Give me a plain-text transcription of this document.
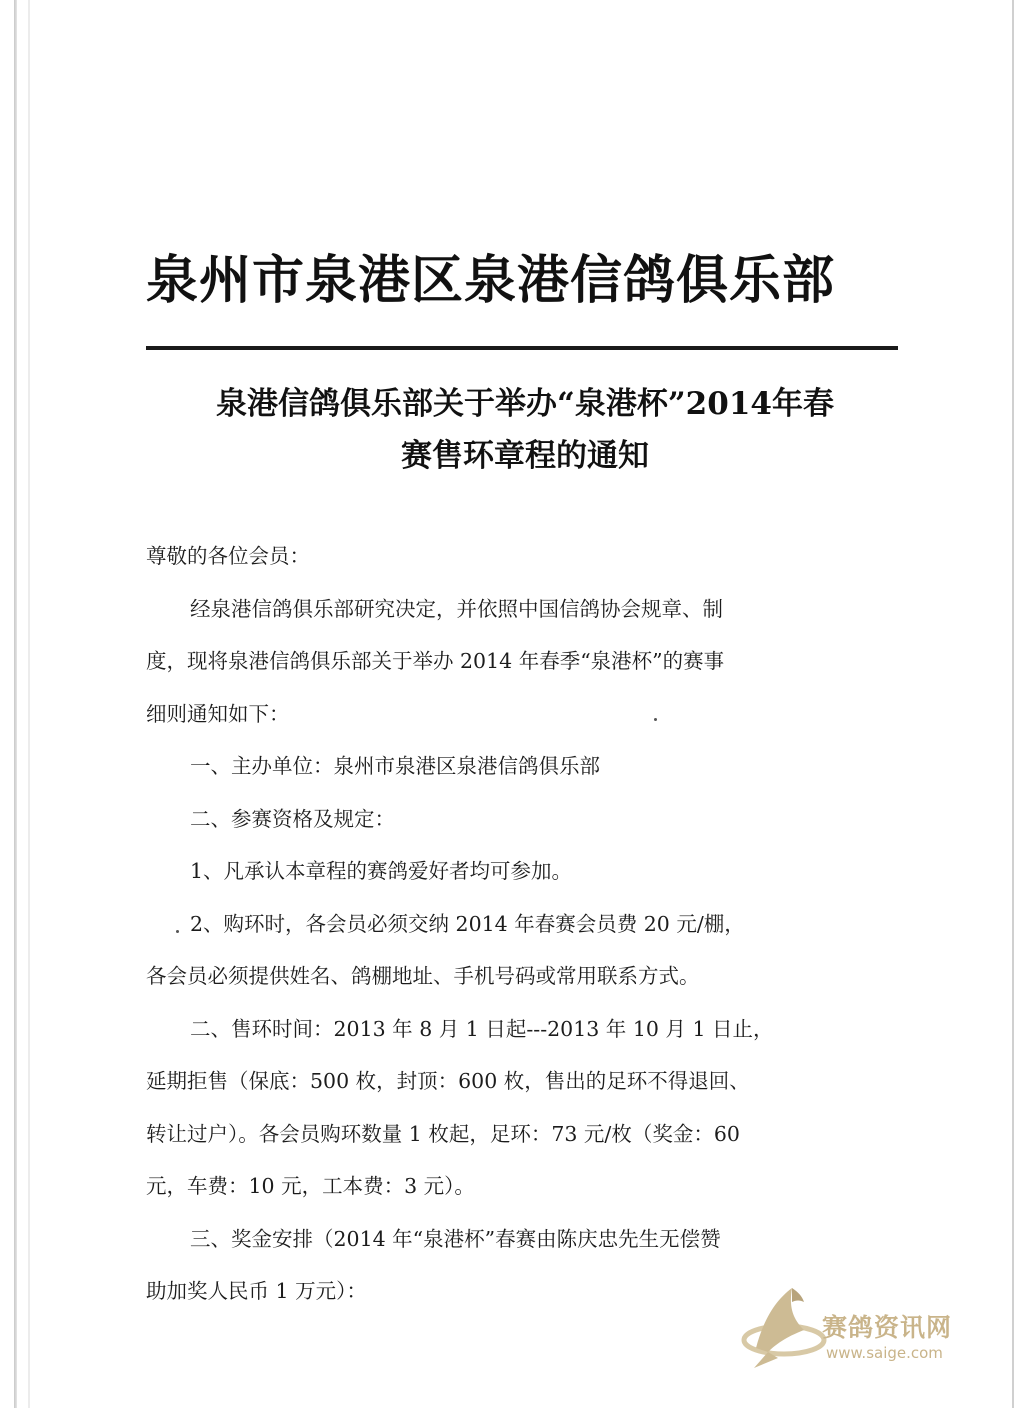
泉州市泉港区泉港信鸽俱乐部
泉港信鸽俱乐部关于举办“泉港杯”2014年春
赛售环章程的通知

尊敬的各位会员：

经泉港信鸽俱乐部研究决定，并依照中国信鸽协会规章、制

度，现将泉港信鸽俱乐部关于举办 2014 年春季“泉港杯”的赛事

细则通知如下：

一、主办单位：泉州市泉港区泉港信鸽俱乐部

二、参赛资格及规定：

1、凡承认本章程的赛鸽爱好者均可参加。

2、购环时，各会员必须交纳 2014 年春赛会员费 20 元/棚，

各会员必须提供姓名、鸽棚地址、手机号码或常用联系方式。

二、售环时间：2013 年 8 月 1 日起---2013 年 10 月 1 日止，

延期拒售（保底：500 枚，封顶：600 枚，售出的足环不得退回、

转让过户）。各会员购环数量 1 枚起，足环：73 元/枚（奖金：60

元，车费：10 元，工本费：3 元）。

三、奖金安排（2014 年“泉港杯”春赛由陈庆忠先生无偿赞

助加奖人民币 1 万元）：

赛鸽资讯网
www.saige.com
